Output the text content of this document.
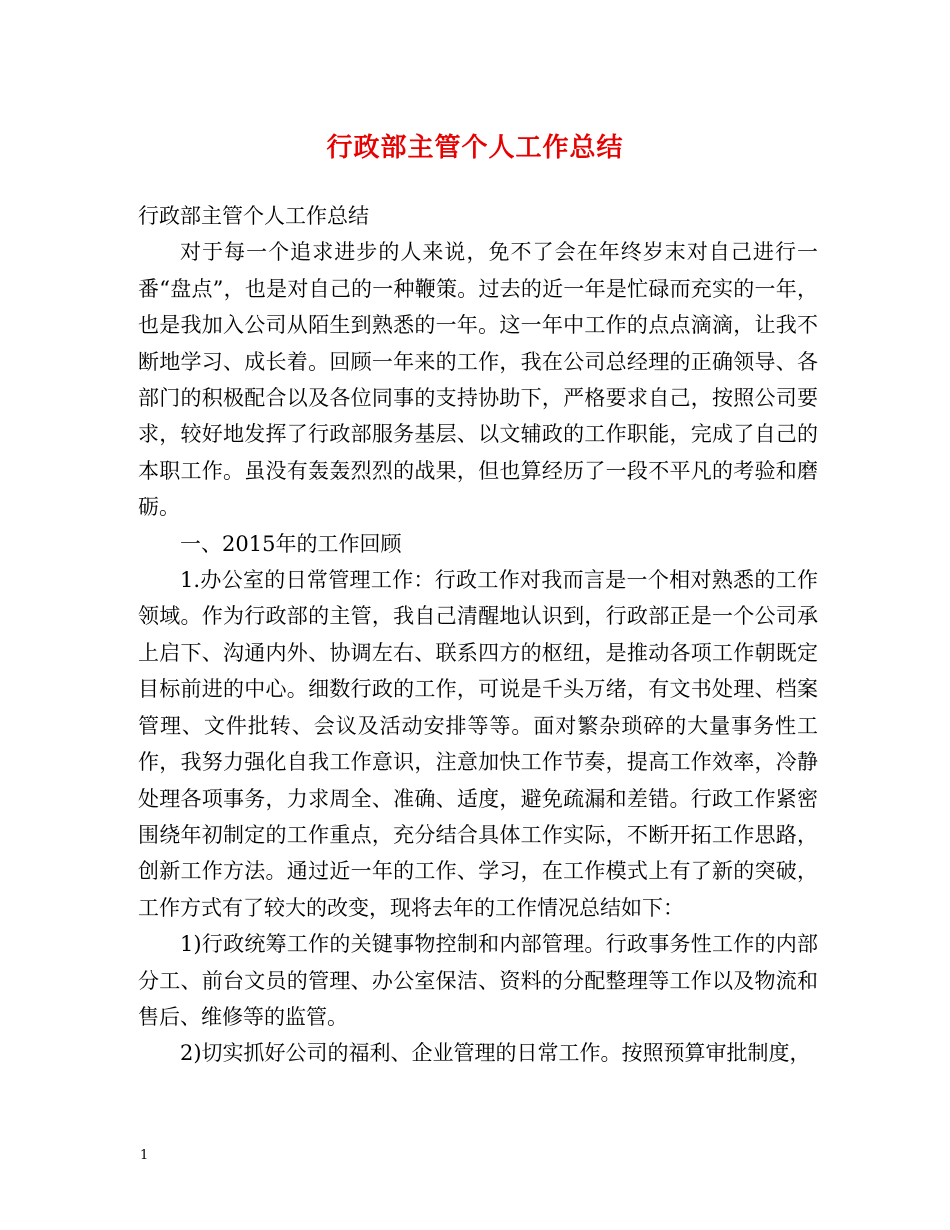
行政部主管个人工作总结

行政部主管个人工作总结

对于每一个追求进步的人来说，免不了会在年终岁末对自己进行一番“盘点”，也是对自己的一种鞭策。过去的近一年是忙碌而充实的一年，也是我加入公司从陌生到熟悉的一年。这一年中工作的点点滴滴，让我不断地学习、成长着。回顾一年来的工作，我在公司总经理的正确领导、各部门的积极配合以及各位同事的支持协助下，严格要求自己，按照公司要求，较好地发挥了行政部服务基层、以文辅政的工作职能，完成了自己的本职工作。虽没有轰轰烈烈的战果，但也算经历了一段不平凡的考验和磨砺。

一、2015年的工作回顾

1.办公室的日常管理工作：行政工作对我而言是一个相对熟悉的工作领域。作为行政部的主管，我自己清醒地认识到，行政部正是一个公司承上启下、沟通内外、协调左右、联系四方的枢纽，是推动各项工作朝既定目标前进的中心。细数行政的工作，可说是千头万绪，有文书处理、档案管理、文件批转、会议及活动安排等等。面对繁杂琐碎的大量事务性工作，我努力强化自我工作意识，注意加快工作节奏，提高工作效率，冷静处理各项事务，力求周全、准确、适度，避免疏漏和差错。行政工作紧密围绕年初制定的工作重点，充分结合具体工作实际，不断开拓工作思路，创新工作方法。通过近一年的工作、学习，在工作模式上有了新的突破，工作方式有了较大的改变，现将去年的工作情况总结如下：

1)行政统筹工作的关键事物控制和内部管理。行政事务性工作的内部分工、前台文员的管理、办公室保洁、资料的分配整理等工作以及物流和售后、维修等的监管。

2)切实抓好公司的福利、企业管理的日常工作。按照预算审批制度，

1
